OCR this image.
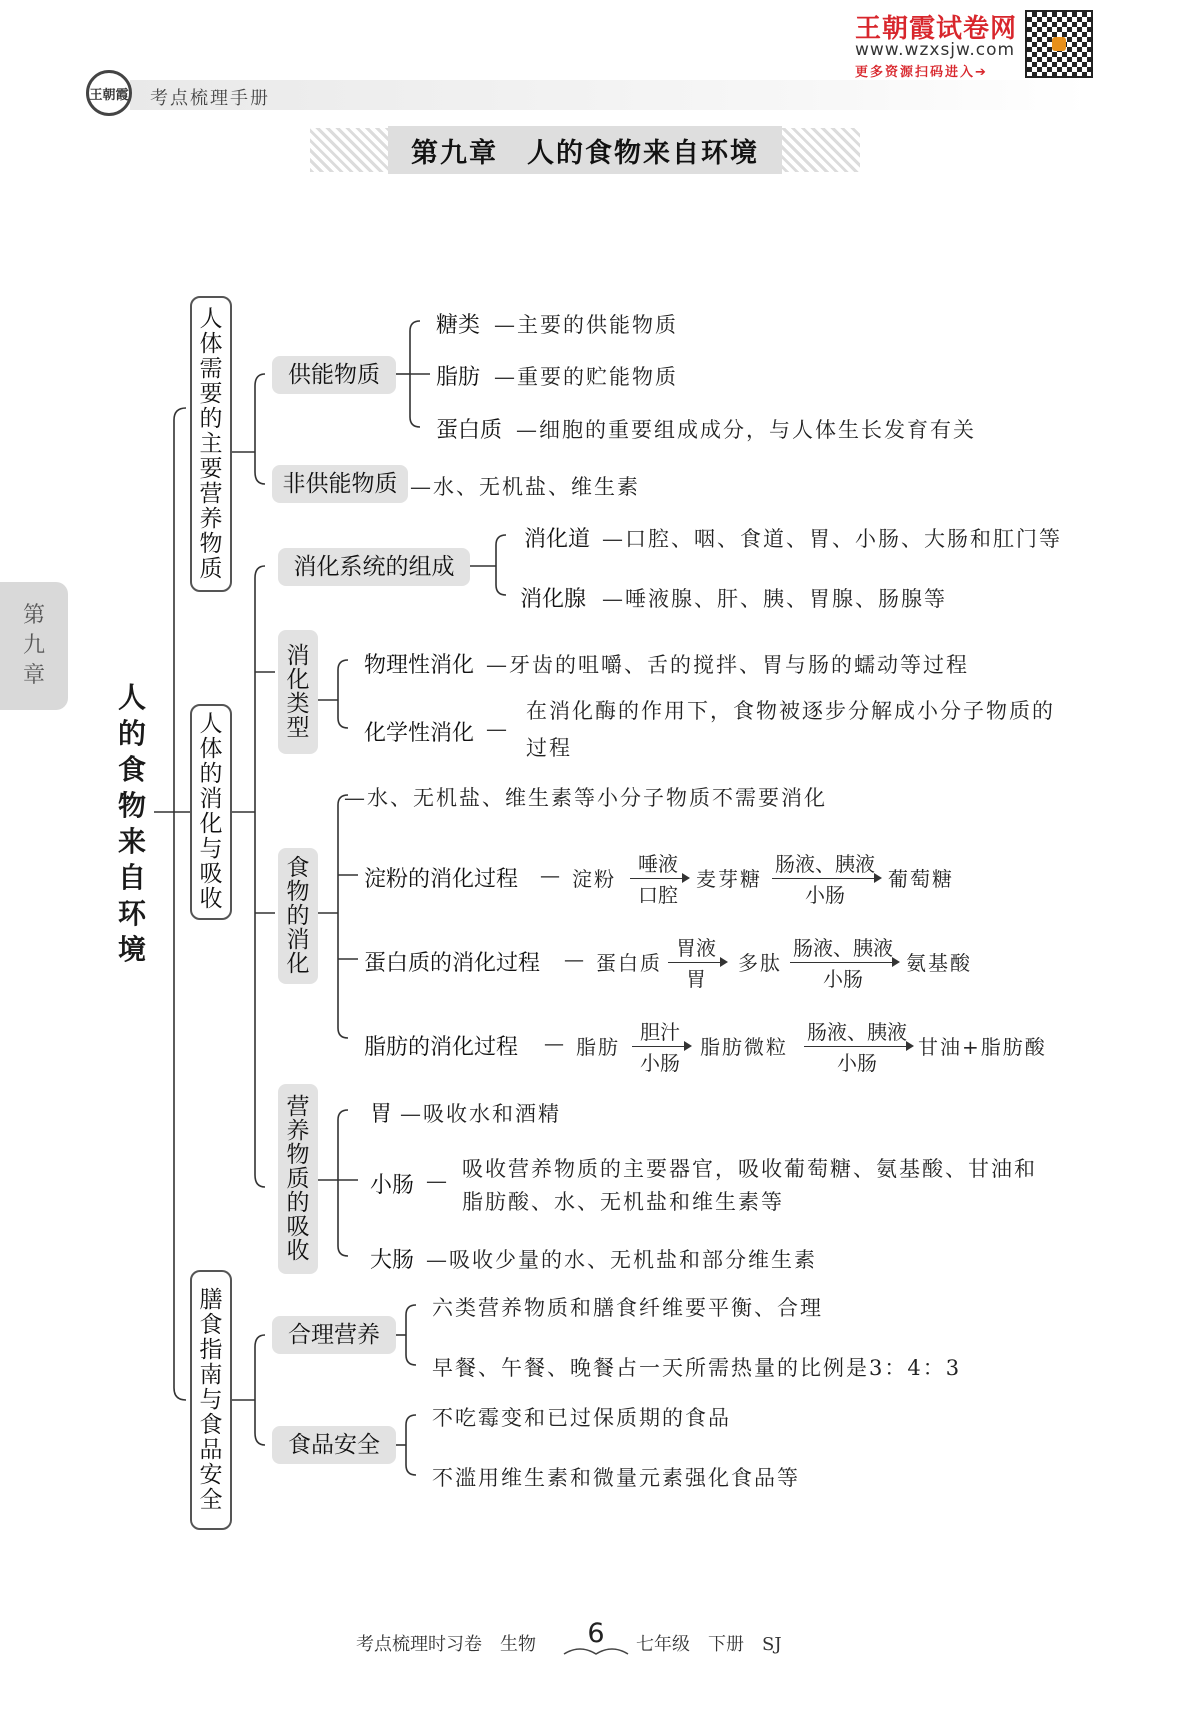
王朝霞 考点梳理手册
王朝霞试卷网
www.wzxsjw.com
更多资源扫码进入➔
第九章　人的食物来自环境
第
九
章
人
的
食
物
来
自
环
境
人
体
需
要
的
主
要
营
养
物
质
供能物质
糖类 —主要的供能物质
脂肪 —重要的贮能物质
蛋白质 —细胞的重要组成成分，与人体生长发育有关
非供能物质 —水、无机盐、维生素
人
体
的
消
化
与
吸
收
消化系统的组成
消化道 —口腔、咽、食道、胃、小肠、大肠和肛门等
消化腺 —唾液腺、肝、胰、胃腺、肠腺等
消
化
类
型
物理性消化 —牙齿的咀嚼、舌的搅拌、胃与肠的蠕动等过程
化学性消化 —
在消化酶的作用下，食物被逐步分解成小分子物质的
过程
食
物
的
消
化
—水、无机盐、维生素等小分子物质不需要消化
淀粉的消化过程 — 淀粉
唾液
口腔
麦芽糖
肠液、胰液
小肠
葡萄糖
蛋白质的消化过程 — 蛋白质
胃液
胃
多肽
肠液、胰液
小肠
氨基酸
脂肪的消化过程 — 脂肪
胆汁
小肠
脂肪微粒
肠液、胰液
小肠
甘油+脂肪酸
营
养
物
质
的
吸
收
胃 —吸收水和酒精
小肠 — 吸收营养物质的主要器官，吸收葡萄糖、氨基酸、甘油和
脂肪酸、水、无机盐和维生素等
大肠 —吸收少量的水、无机盐和部分维生素
膳
食
指
南
与
食
品
安
全
合理营养
六类营养物质和膳食纤维要平衡、合理
早餐、午餐、晚餐占一天所需热量的比例是3：4：3
食品安全
不吃霉变和已过保质期的食品
不滥用维生素和微量元素强化食品等
考点梳理时习卷　生物	6	七年级　下册　SJ
